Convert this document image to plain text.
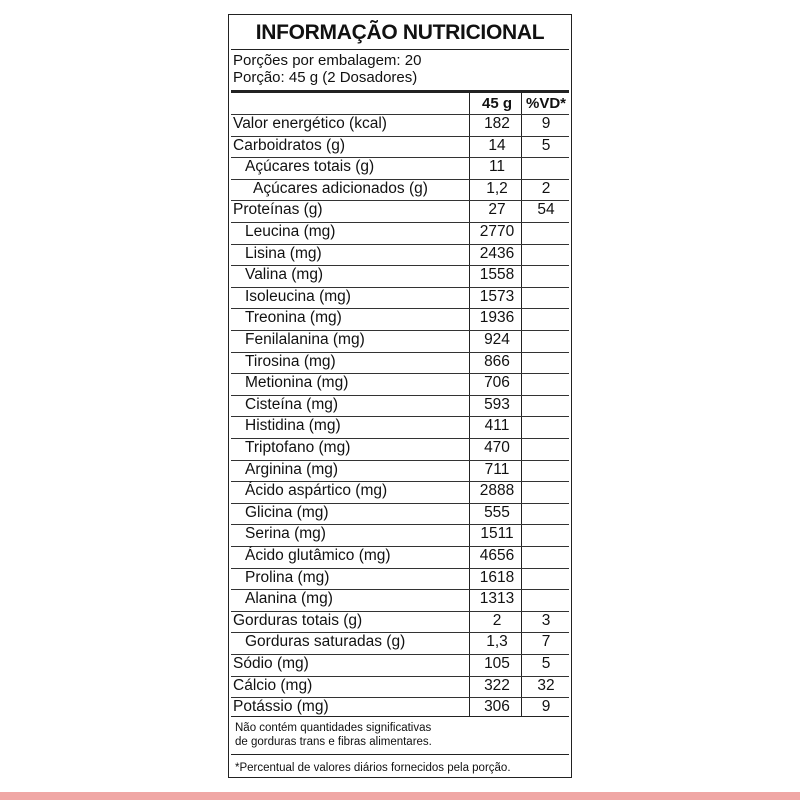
INFORMAÇÃO NUTRICIONAL
Porções por embalagem: 20
Porção: 45 g (2 Dosadores)
45 g %VD*
Valor energético (kcal)	182	9
Carboidratos (g)	14	5
Açúcares totais (g)	11
Açúcares adicionados (g)	1,2	2
Proteínas (g)	27	54
Leucina (mg)	2770
Lisina (mg)	2436
Valina (mg)	1558
Isoleucina (mg)	1573
Treonina (mg)	1936
Fenilalanina (mg)	924
Tirosina (mg)	866
Metionina (mg)	706
Cisteína (mg)	593
Histidina (mg)	411
Triptofano (mg)	470
Arginina (mg)	711
Ácido aspártico (mg)	2888
Glicina (mg)	555
Serina (mg)	1511
Ácido glutâmico (mg)	4656
Prolina (mg)	1618
Alanina (mg)	1313
Gorduras totais (g)	2	3
Gorduras saturadas (g)	1,3	7
Sódio (mg)	105	5
Cálcio (mg)	322	32
Potássio (mg)	306	9
Não contém quantidades significativas
de gorduras trans e fibras alimentares.
*Percentual de valores diários fornecidos pela porção.
